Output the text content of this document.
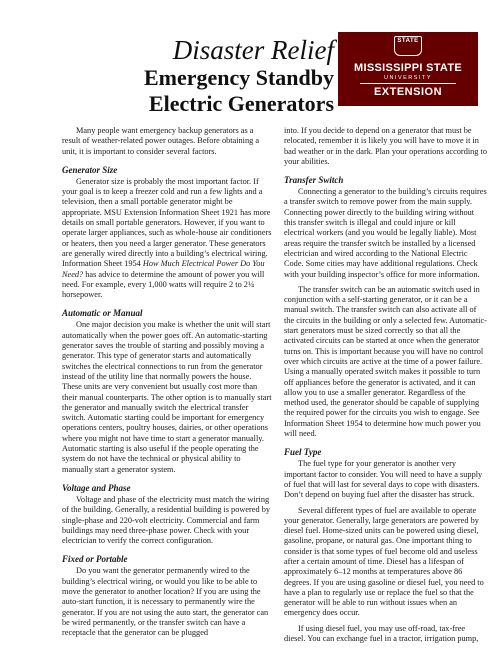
Disaster Relief
Emergency Standby
Electric Generators
STATE
MISSISSIPPI STATE
UNIVERSITY
EXTENSION

Many people want emergency backup generators as a result of weather-related power outages. Before obtaining a unit, it is important to consider several factors.

Generator Size

Generator size is probably the most important factor. If your goal is to keep a freezer cold and run a few lights and a television, then a small portable generator might be appropriate. MSU Extension Information Sheet 1921 has more details on small portable generators. However, if you want to operate larger appliances, such as whole-house air conditioners or heaters, then you need a larger generator. These generators are generally wired directly into a building’s electrical wiring. Information Sheet 1954 How Much Electrical Power Do You Need? has advice to determine the amount of power you will need. For example, every 1,000 watts will require 2 to 2¼ horsepower.

Automatic or Manual

One major decision you make is whether the unit will start automatically when the power goes off. An automatic-starting generator saves the trouble of starting and possibly moving a generator. This type of generator starts and automatically switches the electrical connections to run from the generator instead of the utility line that normally powers the house. These units are very convenient but usually cost more than their manual counterparts. The other option is to manually start the generator and manually switch the electrical transfer switch. Automatic starting could be important for emergency operations centers, poultry houses, dairies, or other operations where you might not have time to start a generator manually. Automatic starting is also useful if the people operating the system do not have the technical or physical ability to manually start a generator system.

Voltage and Phase

Voltage and phase of the electricity must match the wiring of the building. Generally, a residential building is powered by single-phase and 220-volt electricity. Commercial and farm buildings may need three-phase power. Check with your electrician to verify the correct configuration.

Fixed or Portable

Do you want the generator permanently wired to the building’s electrical wiring, or would you like to be able to move the generator to another location? If you are using the auto-start function, it is necessary to permanently wire the generator. If you are not using the auto start, the generator can be wired permanently, or the transfer switch can have a receptacle that the generator can be plugged

into. If you decide to depend on a generator that must be relocated, remember it is likely you will have to move it in bad weather or in the dark. Plan your operations according to your abilities.

Transfer Switch

Connecting a generator to the building’s circuits requires a transfer switch to remove power from the main supply. Connecting power directly to the building wiring without this transfer switch is illegal and could injure or kill electrical workers (and you would be legally liable). Most areas require the transfer switch be installed by a licensed electrician and wired according to the National Electric Code. Some cities may have additional regulations. Check with your building inspector’s office for more information.

The transfer switch can be an automatic switch used in conjunction with a self-starting generator, or it can be a manual switch. The transfer switch can also activate all of the circuits in the building or only a selected few. Automatic-start generators must be sized correctly so that all the activated circuits can be started at once when the generator turns on. This is important because you will have no control over which circuits are active at the time of a power failure. Using a manually operated switch makes it possible to turn off appliances before the generator is activated, and it can allow you to use a smaller generator. Regardless of the method used, the generator should be capable of supplying the required power for the circuits you wish to engage. See Information Sheet 1954 to determine how much power you will need.

Fuel Type

The fuel type for your generator is another very important factor to consider. You will need to have a supply of fuel that will last for several days to cope with disasters. Don’t depend on buying fuel after the disaster has struck.

Several different types of fuel are available to operate your generator. Generally, large generators are powered by diesel fuel. Home-sized units can be powered using diesel, gasoline, propane, or natural gas. One important thing to consider is that some types of fuel become old and useless after a certain amount of time. Diesel has a lifespan of approximately 6–12 months at temperatures above 86 degrees. If you are using gasoline or diesel fuel, you need to have a plan to regularly use or replace the fuel so that the generator will be able to run without issues when an emergency does occur.

If using diesel fuel, you may use off-road, tax-free diesel. You can exchange fuel in a tractor, irrigation pump,
